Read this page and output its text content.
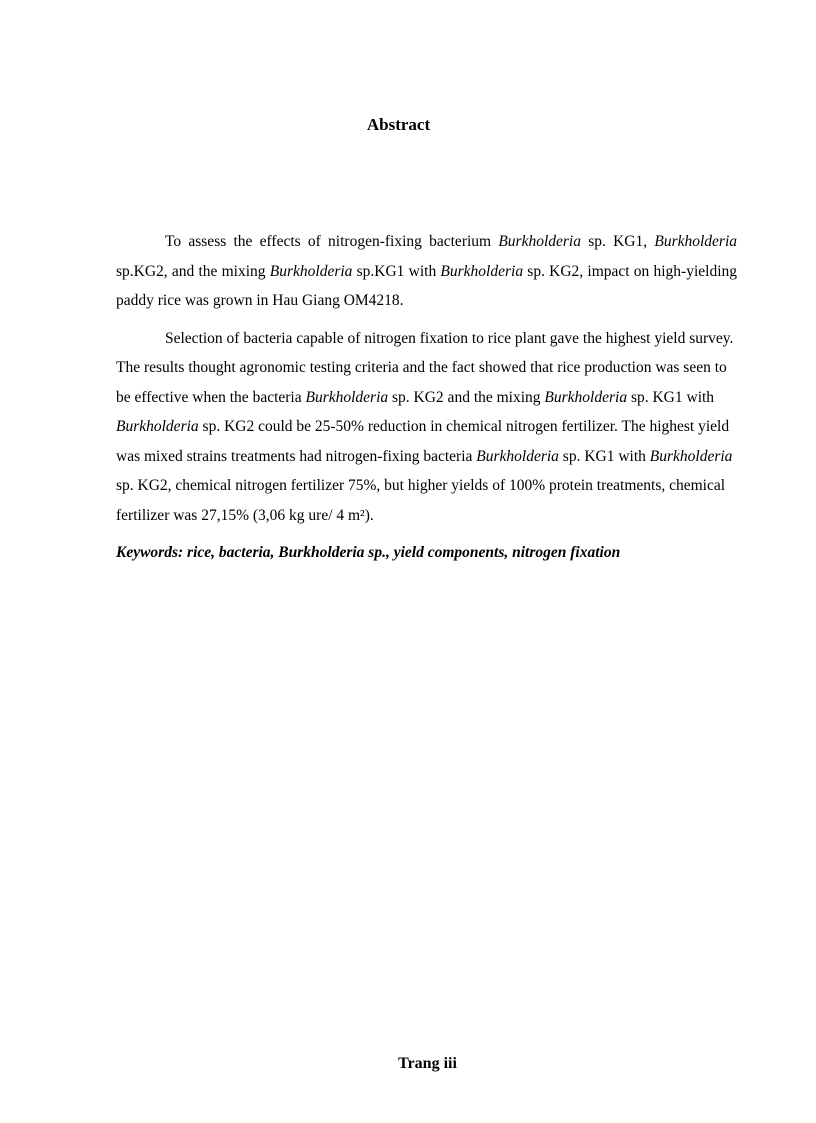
Abstract

To assess the effects of nitrogen-fixing bacterium Burkholderia sp. KG1, Burkholderia sp.KG2, and the mixing Burkholderia sp.KG1 with Burkholderia sp. KG2, impact on high-yielding paddy rice was grown in Hau Giang OM4218.

Selection of bacteria capable of nitrogen fixation to rice plant gave the highest yield survey. The results thought agronomic testing criteria and the fact showed that rice production was seen to be effective when the bacteria Burkholderia sp. KG2 and the mixing Burkholderia sp. KG1 with Burkholderia sp. KG2 could be 25-50% reduction in chemical nitrogen fertilizer. The highest yield was mixed strains treatments had nitrogen-fixing bacteria Burkholderia sp. KG1 with Burkholderia sp. KG2, chemical nitrogen fertilizer 75%, but higher yields of 100% protein treatments, chemical fertilizer was 27,15% (3,06 kg ure/ 4 m²).

Keywords: rice, bacteria, Burkholderia sp., yield components, nitrogen fixation

Trang iii
